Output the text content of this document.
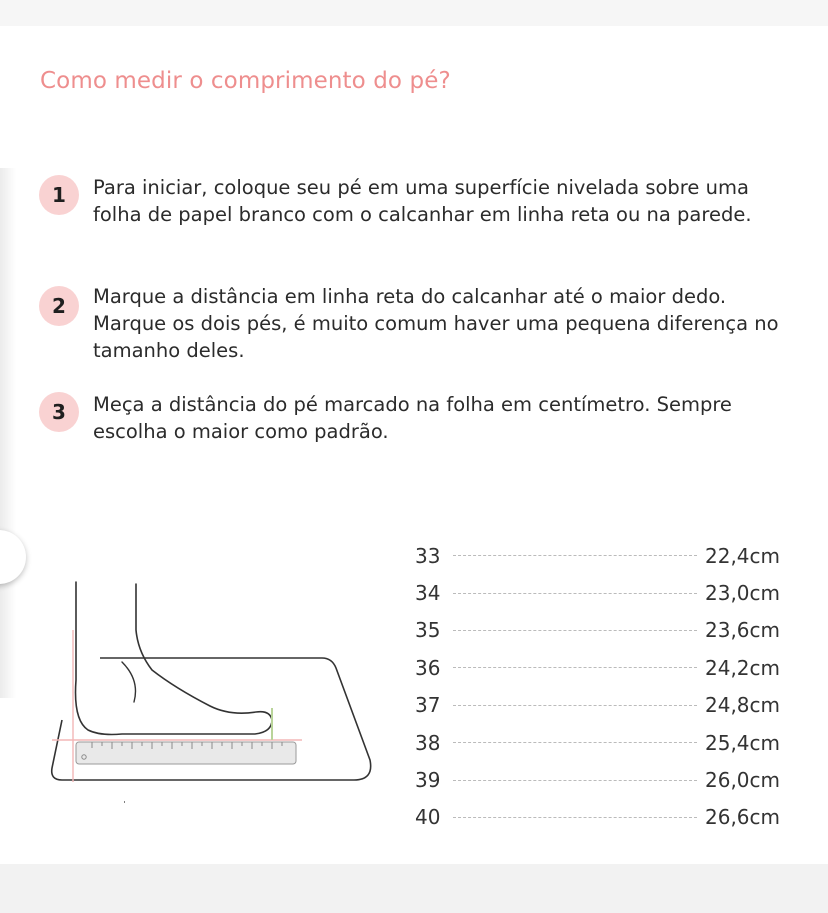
Como medir o comprimento do pé?
1	Para iniciar, coloque seu pé em uma superfície nivelada sobre uma folha de papel branco com o calcanhar em linha reta ou na parede.

2	Marque a distância em linha reta do calcanhar até o maior dedo. Marque os dois pés, é muito comum haver uma pequena diferença no tamanho deles.

3	Meça a distância do pé marcado na folha em centímetro. Sempre escolha o maior como padrão.

33	22,4cm
34	23,0cm
35	23,6cm
36	24,2cm
37	24,8cm
38	25,4cm
39	26,0cm
40	26,6cm
